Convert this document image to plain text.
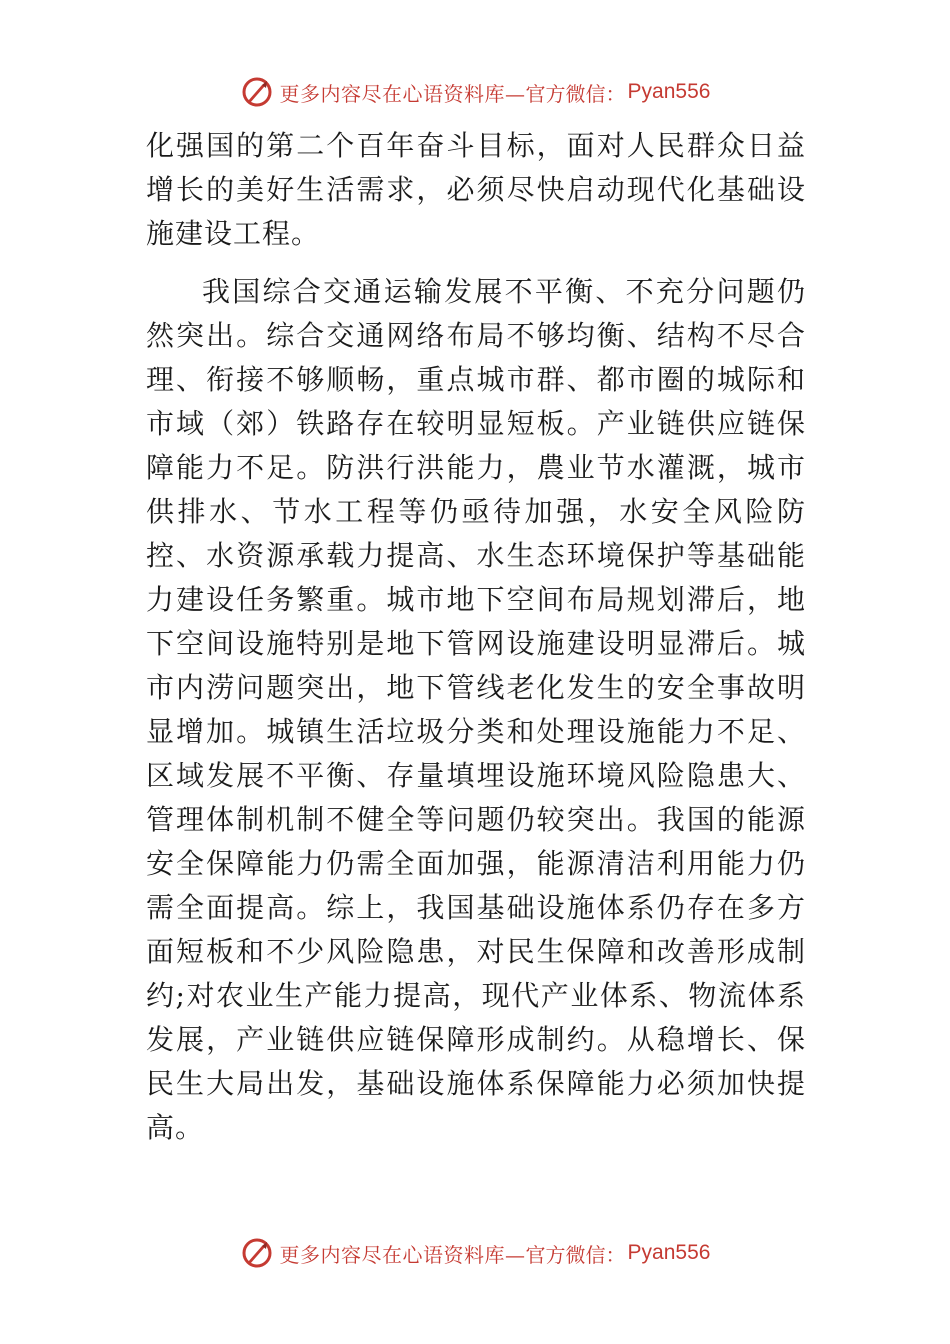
更多内容尽在心语资料库— 官方微信： Pyan556

化强国的第二个百年奋斗目标，面对人民群众日益增长的美好生活需求，必须尽快启动现代化基础设施建设工程。

我国综合交通运输发展不平衡、不充分问题仍然突出。综合交通网络布局不够均衡、结构不尽合理、衔接不够顺畅，重点城市群、都市圈的城际和市域（郊）铁路存在较明显短板。产业链供应链保障能力不足。防洪行洪能力，農业节水灌溉，城市供排水、节水工程等仍亟待加强，水安全风险防控、水资源承载力提高、水生态环境保护等基础能力建设任务繁重。城市地下空间布局规划滞后，地下空间设施特别是地下管网设施建设明显滞后。城市内涝问题突出，地下管线老化发生的安全事故明显增加。城镇生活垃圾分类和处理设施能力不足、区域发展不平衡、存量填埋设施环境风险隐患大、管理体制机制不健全等问题仍较突出。我国的能源安全保障能力仍需全面加强，能源清洁利用能力仍需全面提高。综上，我国基础设施体系仍存在多方面短板和不少风险隐患，对民生保障和改善形成制约;对农业生产能力提高，现代产业体系、物流体系发展，产业链供应链保障形成制约。从稳增长、保民生大局出发，基础设施体系保障能力必须加快提高。

更多内容尽在心语资料库— 官方微信： Pyan556
